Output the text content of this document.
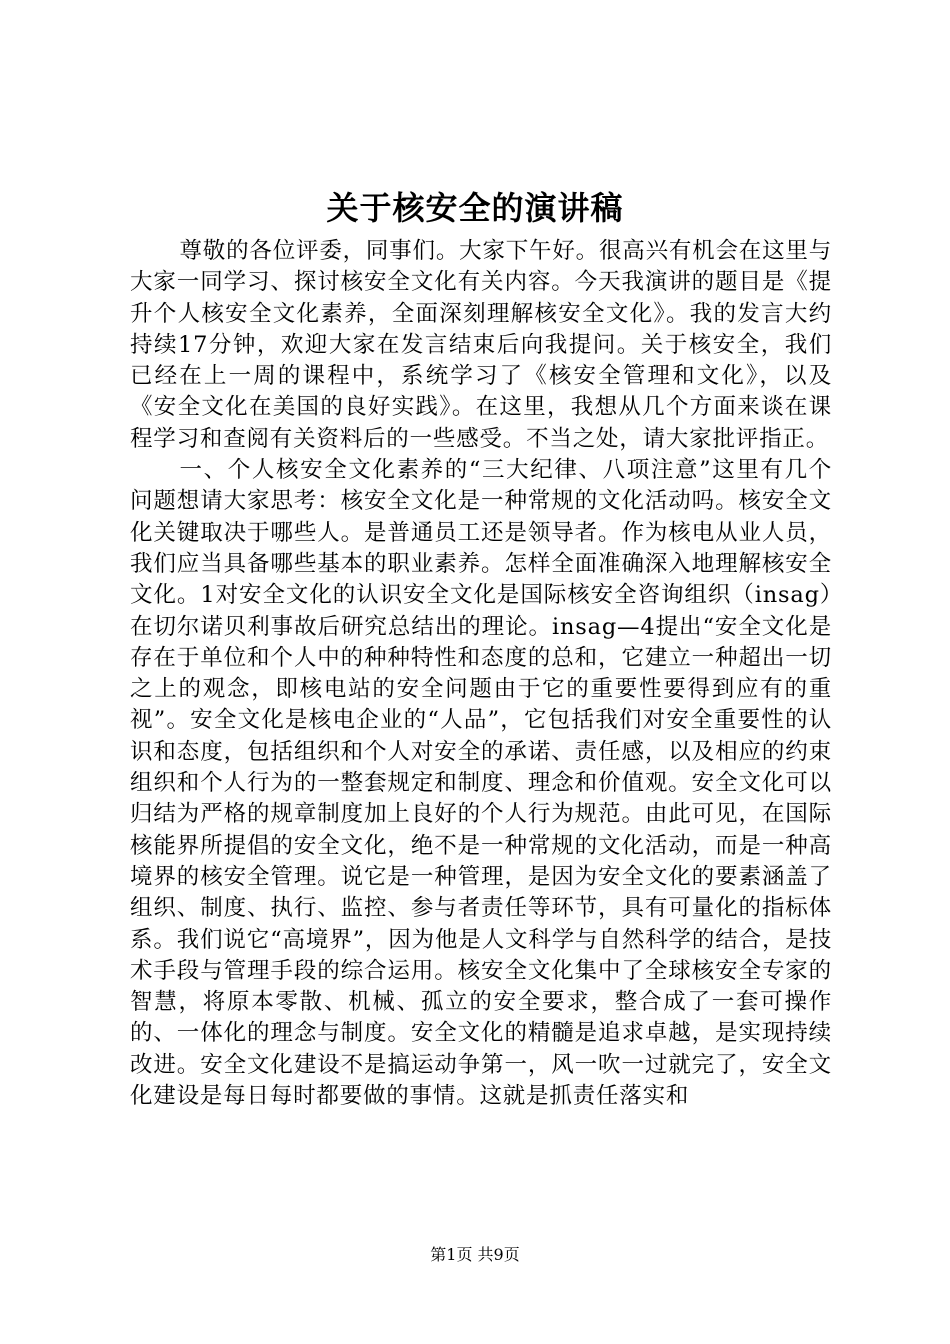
关于核安全的演讲稿

尊敬的各位评委，同事们。大家下午好。很高兴有机会在这里与大家一同学习、探讨核安全文化有关内容。今天我演讲的题目是《提升个人核安全文化素养，全面深刻理解核安全文化》。我的发言大约持续17分钟，欢迎大家在发言结束后向我提问。关于核安全，我们已经在上一周的课程中，系统学习了《核安全管理和文化》，以及《安全文化在美国的良好实践》。在这里，我想从几个方面来谈在课程学习和查阅有关资料后的一些感受。不当之处，请大家批评指正。

一、个人核安全文化素养的“三大纪律、八项注意”这里有几个问题想请大家思考：核安全文化是一种常规的文化活动吗。核安全文化关键取决于哪些人。是普通员工还是领导者。作为核电从业人员，我们应当具备哪些基本的职业素养。怎样全面准确深入地理解核安全文化。1对安全文化的认识安全文化是国际核安全咨询组织（insag）在切尔诺贝利事故后研究总结出的理论。insag—4提出“安全文化是存在于单位和个人中的种种特性和态度的总和，它建立一种超出一切之上的观念，即核电站的安全问题由于它的重要性要得到应有的重视”。安全文化是核电企业的“人品”，它包括我们对安全重要性的认识和态度，包括组织和个人对安全的承诺、责任感，以及相应的约束组织和个人行为的一整套规定和制度、理念和价值观。安全文化可以归结为严格的规章制度加上良好的个人行为规范。由此可见，在国际核能界所提倡的安全文化，绝不是一种常规的文化活动，而是一种高境界的核安全管理。说它是一种管理，是因为安全文化的要素涵盖了组织、制度、执行、监控、参与者责任等环节，具有可量化的指标体系。我们说它“高境界”，因为他是人文科学与自然科学的结合，是技术手段与管理手段的综合运用。核安全文化集中了全球核安全专家的智慧，将原本零散、机械、孤立的安全要求，整合成了一套可操作的、一体化的理念与制度。安全文化的精髓是追求卓越，是实现持续改进。安全文化建设不是搞运动争第一，风一吹一过就完了，安全文化建设是每日每时都要做的事情。这就是抓责任落实和

第1页 共9页
